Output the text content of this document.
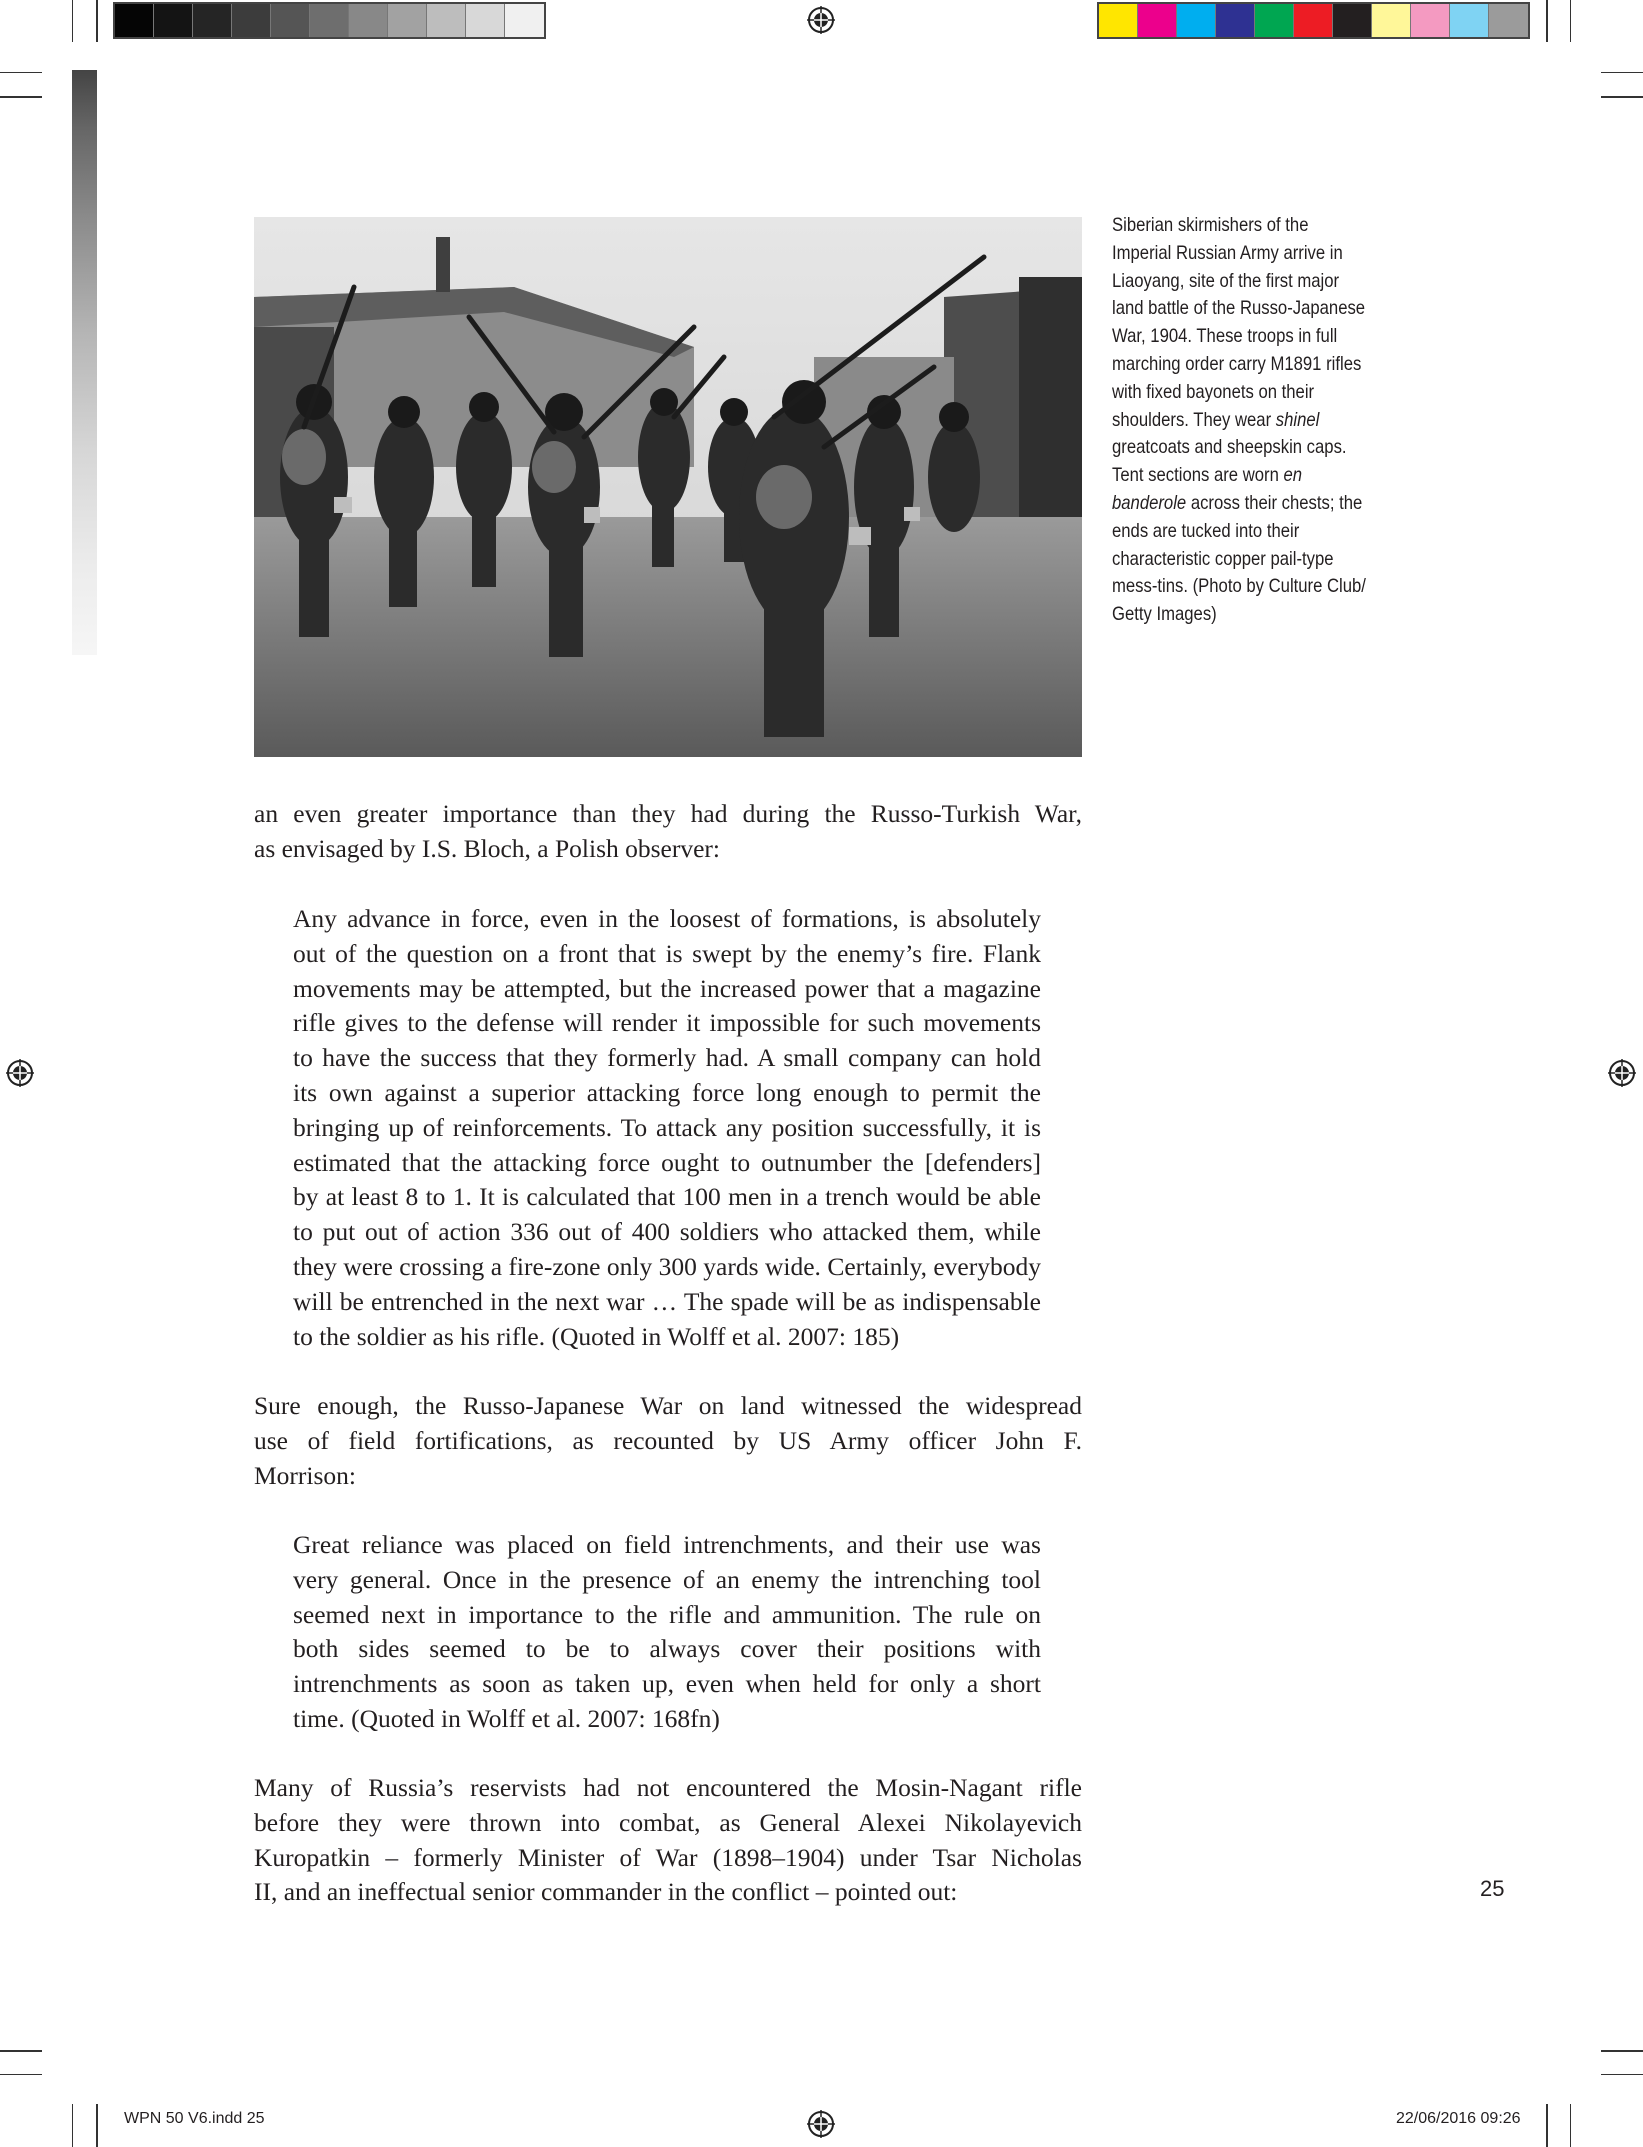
Siberian skirmishers of the
Imperial Russian Army arrive in
Liaoyang, site of the first major
land battle of the Russo-Japanese
War, 1904. These troops in full
marching order carry M1891 rifles
with fixed bayonets on their
shoulders. They wear shinel
greatcoats and sheepskin caps.
Tent sections are worn en
banderole across their chests; the
ends are tucked into their
characteristic copper pail-type
mess-tins. (Photo by Culture Club/
Getty Images)
an even greater importance than they had during the Russo-Turkish War,
as envisaged by I.S. Bloch, a Polish observer:
Any advance in force, even in the loosest of formations, is absolutely
out of the question on a front that is swept by the enemy’s fire. Flank
movements may be attempted, but the increased power that a magazine
rifle gives to the defense will render it impossible for such movements
to have the success that they formerly had. A small company can hold
its own against a superior attacking force long enough to permit the
bringing up of reinforcements. To attack any position successfully, it is
estimated that the attacking force ought to outnumber the [defenders]
by at least 8 to 1. It is calculated that 100 men in a trench would be able
to put out of action 336 out of 400 soldiers who attacked them, while
they were crossing a fire-zone only 300 yards wide. Certainly, everybody
will be entrenched in the next war … The spade will be as indispensable
to the soldier as his rifle. (Quoted in Wolff et al. 2007: 185)
Sure enough, the Russo-Japanese War on land witnessed the widespread
use of field fortifications, as recounted by US Army officer John F.
Morrison:
Great reliance was placed on field intrenchments, and their use was
very general. Once in the presence of an enemy the intrenching tool
seemed next in importance to the rifle and ammunition. The rule on
both sides seemed to be to always cover their positions with
intrenchments as soon as taken up, even when held for only a short
time. (Quoted in Wolff et al. 2007: 168fn)
Many of Russia’s reservists had not encountered the Mosin-Nagant rifle
before they were thrown into combat, as General Alexei Nikolayevich
Kuropatkin – formerly Minister of War (1898–1904) under Tsar Nicholas
II, and an ineffectual senior commander in the conflict – pointed out:	25
WPN 50 V6.indd 25	22/06/2016 09:26
